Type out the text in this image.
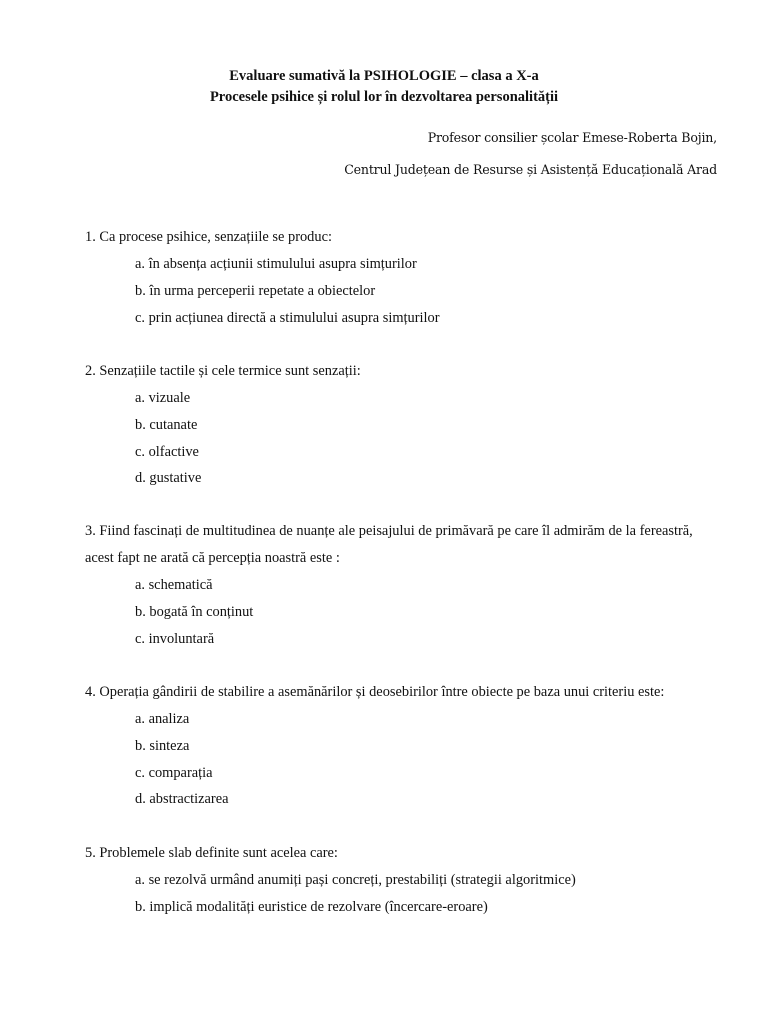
Evaluare sumativă la PSIHOLOGIE – clasa a X-a

Procesele psihice și rolul lor în dezvoltarea personalității

Profesor consilier școlar Emese-Roberta Bojin,

Centrul Județean de Resurse și Asistență Educațională Arad

1. Ca procese psihice, senzațiile se produc:

a. în absența acțiunii stimulului asupra simțurilor
b. în urma perceperii repetate a obiectelor
c. prin acțiunea directă a stimulului asupra simțurilor

2. Senzațiile tactile și cele termice sunt senzații:

a. vizuale
b. cutanate
c. olfactive
d. gustative

3. Fiind fascinați de multitudinea de nuanțe ale peisajului de primăvară pe care îl admirăm de la fereastră,

acest fapt ne arată că percepția noastră este :

a. schematică
b. bogată în conținut
c. involuntară

4. Operația gândirii de stabilire a asemănărilor și deosebirilor între obiecte pe baza unui criteriu este:

a. analiza
b. sinteza
c. comparația
d. abstractizarea

5. Problemele slab definite sunt acelea care:

a. se rezolvă urmând anumiți pași concreți, prestabiliți (strategii algoritmice)
b. implică modalități euristice de rezolvare (încercare-eroare)
